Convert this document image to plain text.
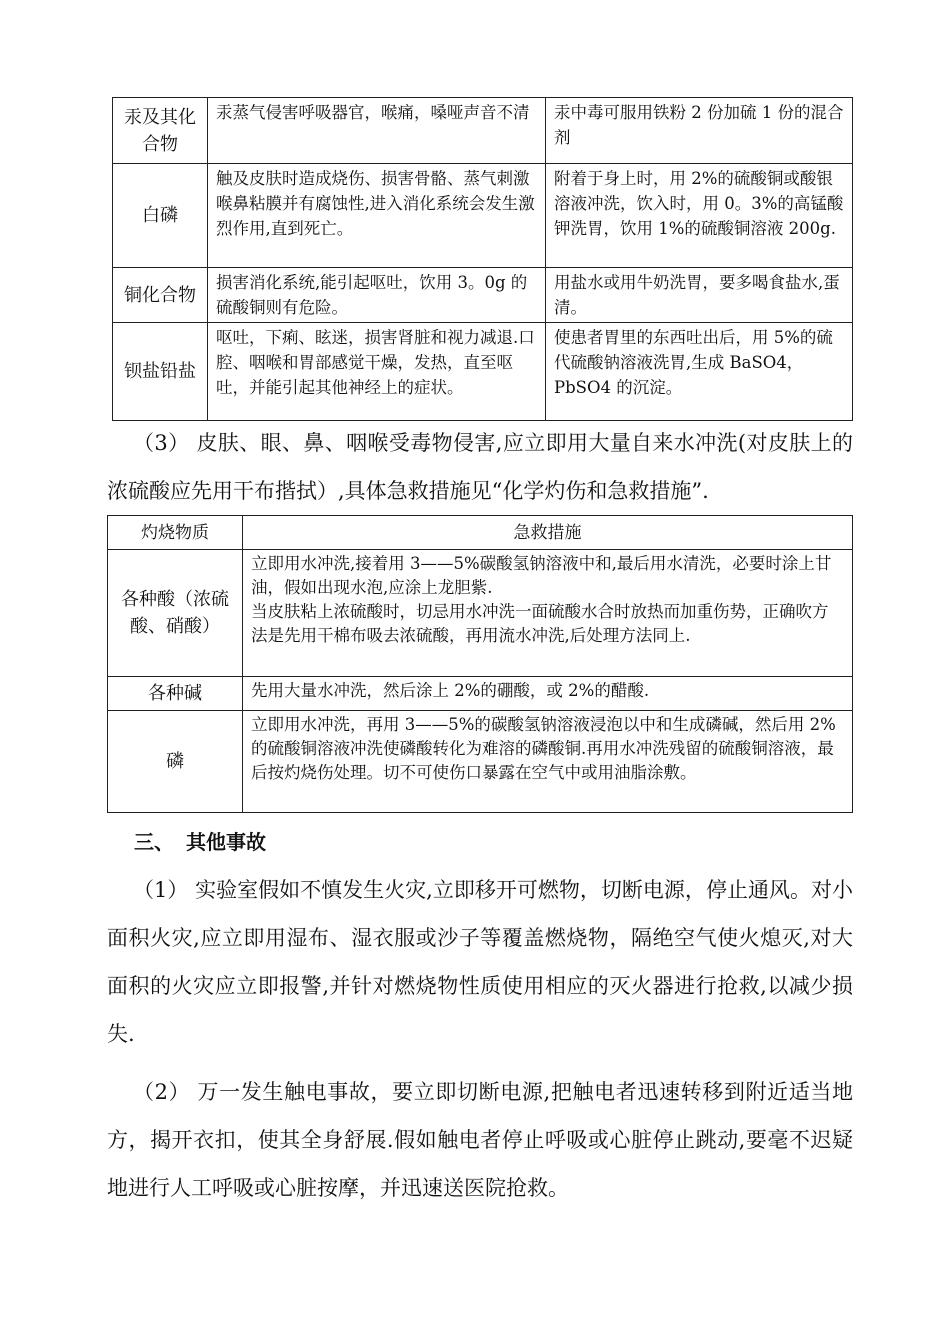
汞及其化合物	汞蒸气侵害呼吸器官，喉痛，嗓哑声音不清	汞中毒可服用铁粉 2 份加硫 1 份的混合剂
白磷	触及皮肤时造成烧伤、损害骨骼、蒸气刺激喉鼻粘膜并有腐蚀性,进入消化系统会发生激烈作用,直到死亡。	附着于身上时，用 2%的硫酸铜或酸银溶液冲洗，饮入时，用 0。3%的高锰酸钾洗胃，饮用 1%的硫酸铜溶液 200g.
铜化合物	损害消化系统,能引起呕吐，饮用 3。0g 的硫酸铜则有危险。	用盐水或用牛奶洗胃，要多喝食盐水,蛋清。
钡盐铅盐	呕吐，下痢、眩迷，损害肾脏和视力减退.口腔、咽喉和胃部感觉干燥，发热，直至呕吐，并能引起其他神经上的症状。	使患者胃里的东西吐出后，用 5%的硫代硫酸钠溶液洗胃,生成 BaSO4，PbSO4 的沉淀。
（3） 皮肤、眼、鼻、咽喉受毒物侵害,应立即用大量自来水冲洗(对皮肤上的浓硫酸应先用干布揩拭）,具体急救措施见“化学灼伤和急救措施”.
灼烧物质	急救措施
各种酸（浓硫酸、硝酸）	立即用水冲洗,接着用 3——5%碳酸氢钠溶液中和,最后用水清洗，必要时涂上甘油，假如出现水泡,应涂上龙胆紫.
当皮肤粘上浓硫酸时，切忌用水冲洗一面硫酸水合时放热而加重伤势，正确吹方法是先用干棉布吸去浓硫酸，再用流水冲洗,后处理方法同上.

各种碱	先用大量水冲洗，然后涂上 2%的硼酸，或 2%的醋酸.
磷	立即用水冲洗，再用 3——5%的碳酸氢钠溶液浸泡以中和生成磷碱，然后用 2%的硫酸铜溶液冲洗使磷酸转化为难溶的磷酸铜.再用水冲洗残留的硫酸铜溶液，最后按灼烧伤处理。切不可使伤口暴露在空气中或用油脂涂敷。
三、 其他事故
（1） 实验室假如不慎发生火灾,立即移开可燃物，切断电源，停止通风。对小面积火灾,应立即用湿布、湿衣服或沙子等覆盖燃烧物，隔绝空气使火熄灭,对大面积的火灾应立即报警,并针对燃烧物性质使用相应的灭火器进行抢救,以减少损失.
（2） 万一发生触电事故，要立即切断电源,把触电者迅速转移到附近适当地方，揭开衣扣，使其全身舒展.假如触电者停止呼吸或心脏停止跳动,要毫不迟疑地进行人工呼吸或心脏按摩，并迅速送医院抢救。
